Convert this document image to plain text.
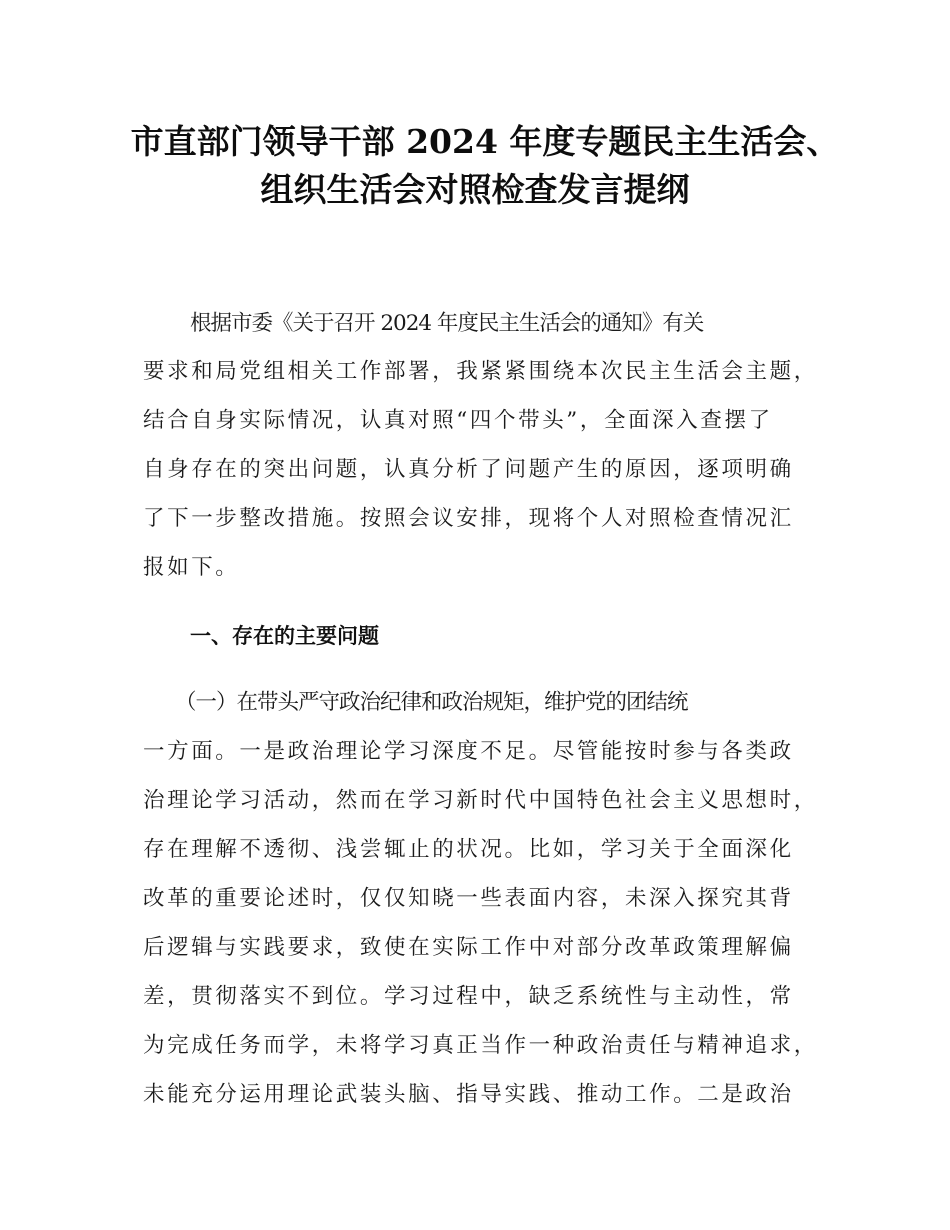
市直部门领导干部 2024 年度专题民主生活会、
组织生活会对照检查发言提纲

根据市委《关于召开 2024 年度民主生活会的通知》有关

要求和局党组相关工作部署，我紧紧围绕本次民主生活会主题，

结合自身实际情况，认真对照“四个带头”，全面深入查摆了

自身存在的突出问题，认真分析了问题产生的原因，逐项明确

了下一步整改措施。按照会议安排，现将个人对照检查情况汇

报如下。

一、存在的主要问题

（一）在带头严守政治纪律和政治规矩，维护党的团结统

一方面。一是政治理论学习深度不足。尽管能按时参与各类政

治理论学习活动，然而在学习新时代中国特色社会主义思想时，

存在理解不透彻、浅尝辄止的状况。比如，学习关于全面深化

改革的重要论述时，仅仅知晓一些表面内容，未深入探究其背

后逻辑与实践要求，致使在实际工作中对部分改革政策理解偏

差，贯彻落实不到位。学习过程中，缺乏系统性与主动性，常

为完成任务而学，未将学习真正当作一种政治责任与精神追求，

未能充分运用理论武装头脑、指导实践、推动工作。二是政治
